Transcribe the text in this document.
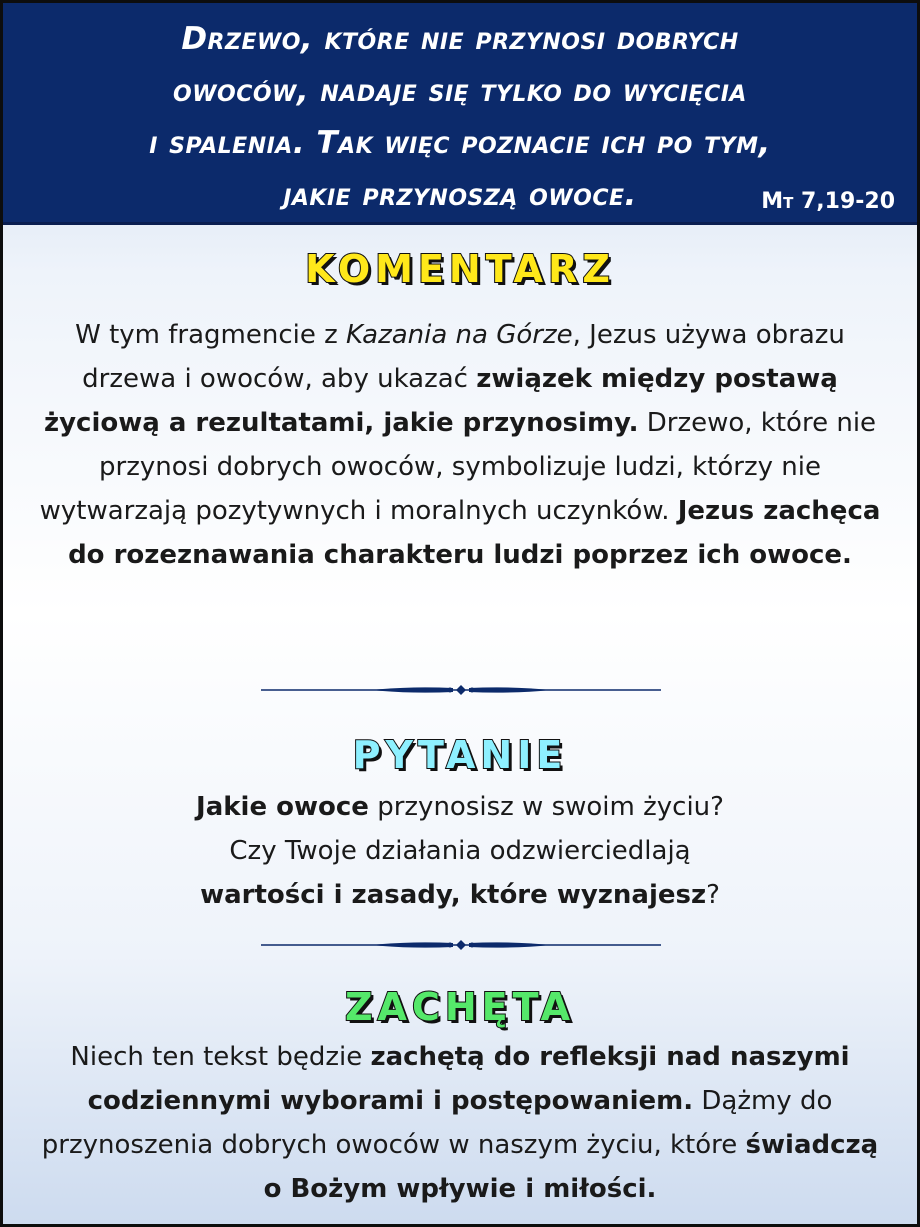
Drzewo, które nie przynosi dobrych
owoców, nadaje się tylko do wycięcia
i spalenia. Tak więc poznacie ich po tym,
jakie przynoszą owoce.	Mt 7,19-20
KOMENTARZ

W tym fragmencie z Kazania na Górze, Jezus używa obrazu drzewa i owoców, aby ukazać związek między postawą życiową a rezultatami, jakie przynosimy. Drzewo, które nie przynosi dobrych owoców, symbolizuje ludzi, którzy nie wytwarzają pozytywnych i moralnych uczynków. Jezus zachęca do rozeznawania charakteru ludzi poprzez ich owoce.

PYTANIE

Jakie owoce przynosisz w swoim życiu?
Czy Twoje działania odzwierciedlają
wartości i zasady, które wyznajesz?

ZACHĘTA

Niech ten tekst będzie zachętą do refleksji nad naszymi codziennymi wyborami i postępowaniem. Dążmy do przynoszenia dobrych owoców w naszym życiu, które świadczą o Bożym wpływie i miłości.
